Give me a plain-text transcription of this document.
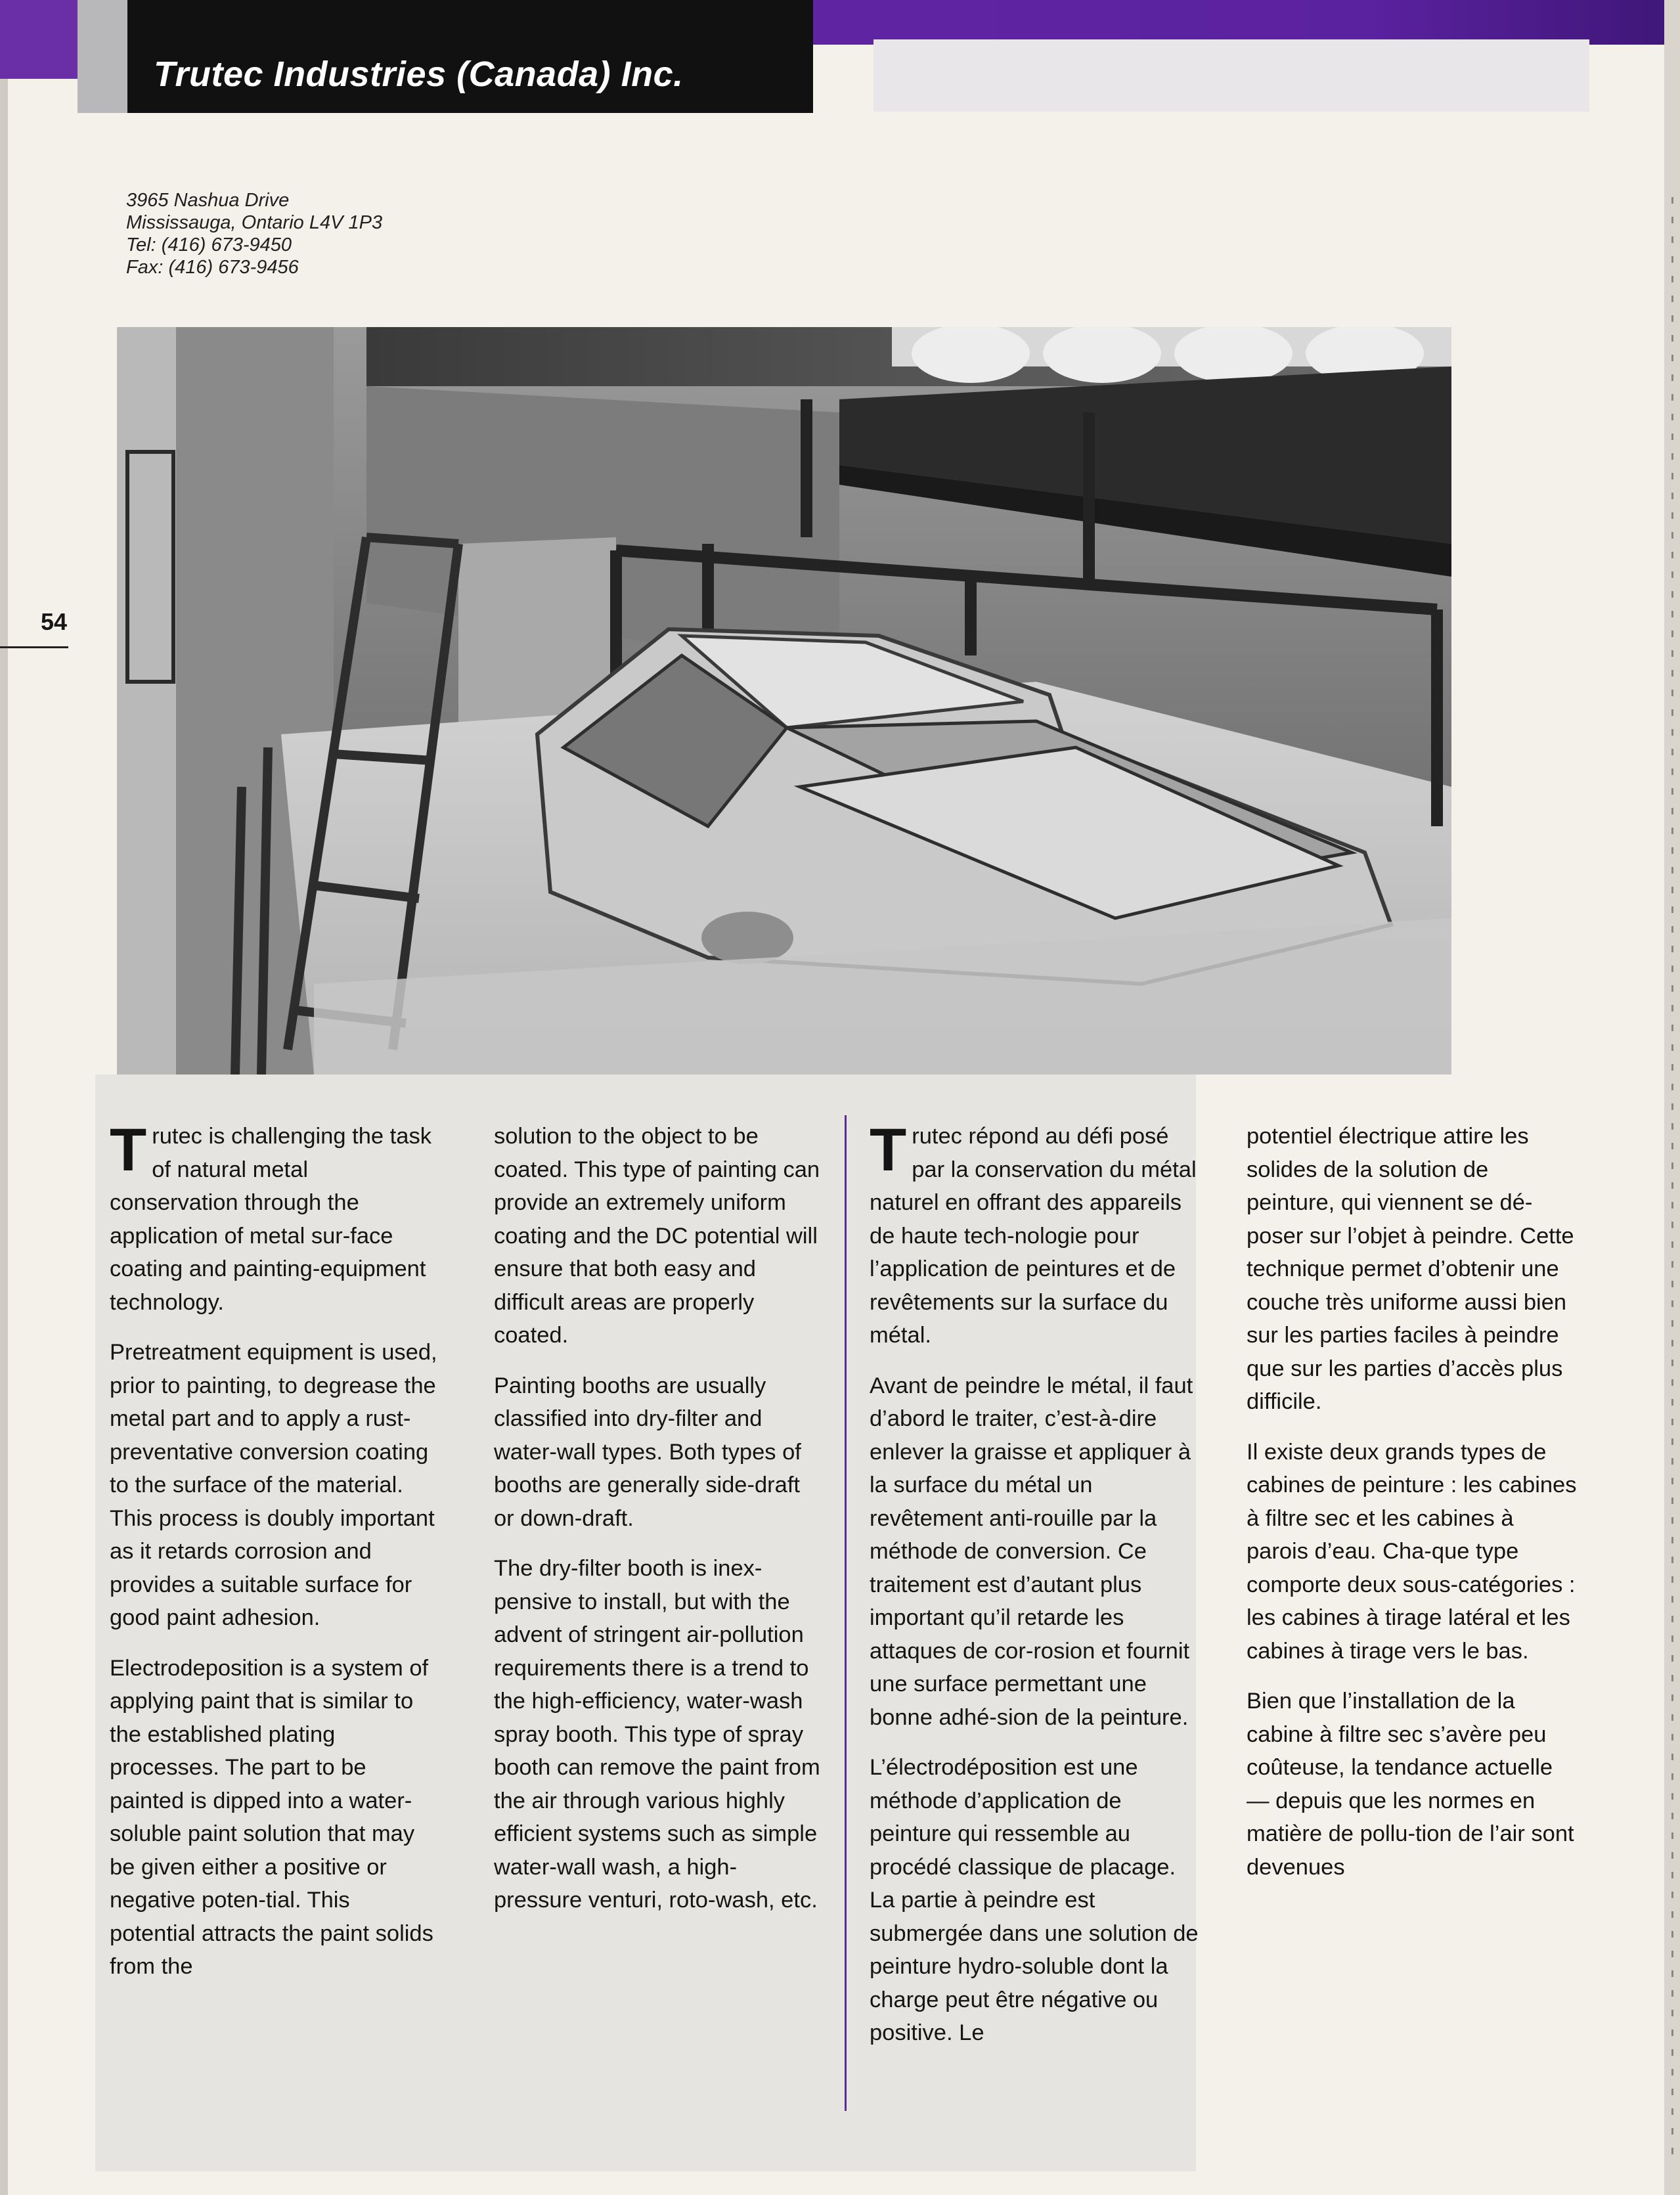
Trutec Industries (Canada) Inc.
3965 Nashua Drive
Mississauga, Ontario L4V 1P3
Tel: (416) 673-9450
Fax: (416) 673-9456
54

Trutec is challenging the task of natural metal conservation through the application of metal sur-face coating and painting-equipment technology.

Pretreatment equipment is used, prior to painting, to degrease the metal part and to apply a rust-preventative conversion coating to the surface of the material. This process is doubly important as it retards corrosion and provides a suitable surface for good paint adhesion.

Electrodeposition is a system of applying paint that is similar to the established plating processes. The part to be painted is dipped into a water-soluble paint solution that may be given either a positive or negative poten-tial. This potential attracts the paint solids from the

solution to the object to be coated. This type of painting can provide an extremely uniform coating and the DC potential will ensure that both easy and difficult areas are properly coated.

Painting booths are usually classified into dry-filter and water-wall types. Both types of booths are generally side-draft or down-draft.

The dry-filter booth is inex-pensive to install, but with the advent of stringent air-pollution requirements there is a trend to the high-efficiency, water-wash spray booth. This type of spray booth can remove the paint from the air through various highly efficient systems such as simple water-wall wash, a high-pressure venturi, roto-wash, etc.

Trutec répond au défi posé par la conservation du métal naturel en offrant des appareils de haute tech-nologie pour l’application de peintures et de revêtements sur la surface du métal.

Avant de peindre le métal, il faut d’abord le traiter, c’est-à-dire enlever la graisse et appliquer à la surface du métal un revêtement anti-rouille par la méthode de conversion. Ce traitement est d’autant plus important qu’il retarde les attaques de cor-rosion et fournit une surface permettant une bonne adhé-sion de la peinture.

L’électrodéposition est une méthode d’application de peinture qui ressemble au procédé classique de placage. La partie à peindre est submergée dans une solution de peinture hydro-soluble dont la charge peut être négative ou positive. Le

potentiel électrique attire les solides de la solution de peinture, qui viennent se dé-poser sur l’objet à peindre. Cette technique permet d’obtenir une couche très uniforme aussi bien sur les parties faciles à peindre que sur les parties d’accès plus difficile.

Il existe deux grands types de cabines de peinture : les cabines à filtre sec et les cabines à parois d’eau. Cha-que type comporte deux sous-catégories : les cabines à tirage latéral et les cabines à tirage vers le bas.

Bien que l’installation de la cabine à filtre sec s’avère peu coûteuse, la tendance actuelle — depuis que les normes en matière de pollu-tion de l’air sont devenues
